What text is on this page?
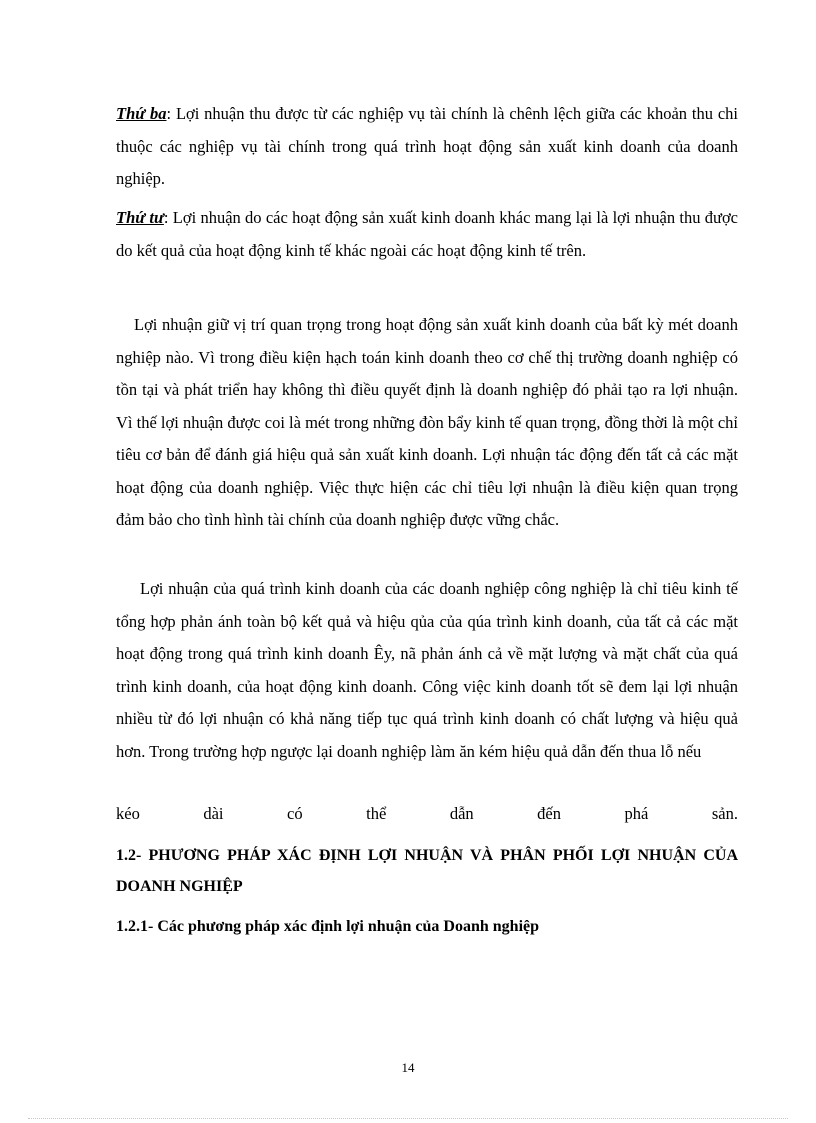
Thứ ba: Lợi nhuận thu được từ các nghiệp vụ tài chính là chênh lệch giữa các khoản thu chi thuộc các nghiệp vụ tài chính trong quá trình hoạt động sản xuất kinh doanh của doanh nghiệp.

Thứ tư: Lợi nhuận do các hoạt động sản xuất kinh doanh khác mang lại là lợi nhuận thu được do kết quả của hoạt động kinh tế khác ngoài các hoạt động kinh tế trên.

Lợi nhuận giữ vị trí quan trọng trong hoạt động sản xuất kinh doanh của bất kỳ mét doanh nghiệp nào. Vì trong điều kiện hạch toán kinh doanh theo cơ chế thị trường doanh nghiệp có tồn tại và phát triển hay không thì điều quyết định là doanh nghiệp đó phải tạo ra lợi nhuận. Vì thế lợi nhuận được coi là mét trong những đòn bẩy kinh tế quan trọng, đồng thời là một chỉ tiêu cơ bản để đánh giá hiệu quả sản xuất kinh doanh. Lợi nhuận tác động đến tất cả các mặt hoạt động của doanh nghiệp. Việc thực hiện các chỉ tiêu lợi nhuận là điều kiện quan trọng đảm bảo cho tình hình tài chính của doanh nghiệp được vững chắc.

Lợi nhuận của quá trình kinh doanh của các doanh nghiệp công nghiệp là chỉ tiêu kinh tế tổng hợp phản ánh toàn bộ kết quả và hiệu qủa của qúa trình kinh doanh, của tất cả các mặt hoạt động trong quá trình kinh doanh Êy, nã phản ánh cả về mặt lượng và mặt chất của quá trình kinh doanh, của hoạt động kinh doanh. Công việc kinh doanh tốt sẽ đem lại lợi nhuận nhiều từ đó lợi nhuận có khả năng tiếp tục quá trình kinh doanh có chất lượng và hiệu quả hơn. Trong trường hợp ngược lại doanh nghiệp làm ăn kém hiệu quả dẫn đến thua lỗ nếu

kéo	dài	có	thể	dẫn	đến	phá	sản.
1.2- PHƯƠNG PHÁP XÁC ĐỊNH LỢI NHUẬN VÀ PHÂN PHỐI LỢI NHUẬN CỦA DOANH NGHIỆP
1.2.1- Các phương pháp xác định lợi nhuận của Doanh nghiệp
14
